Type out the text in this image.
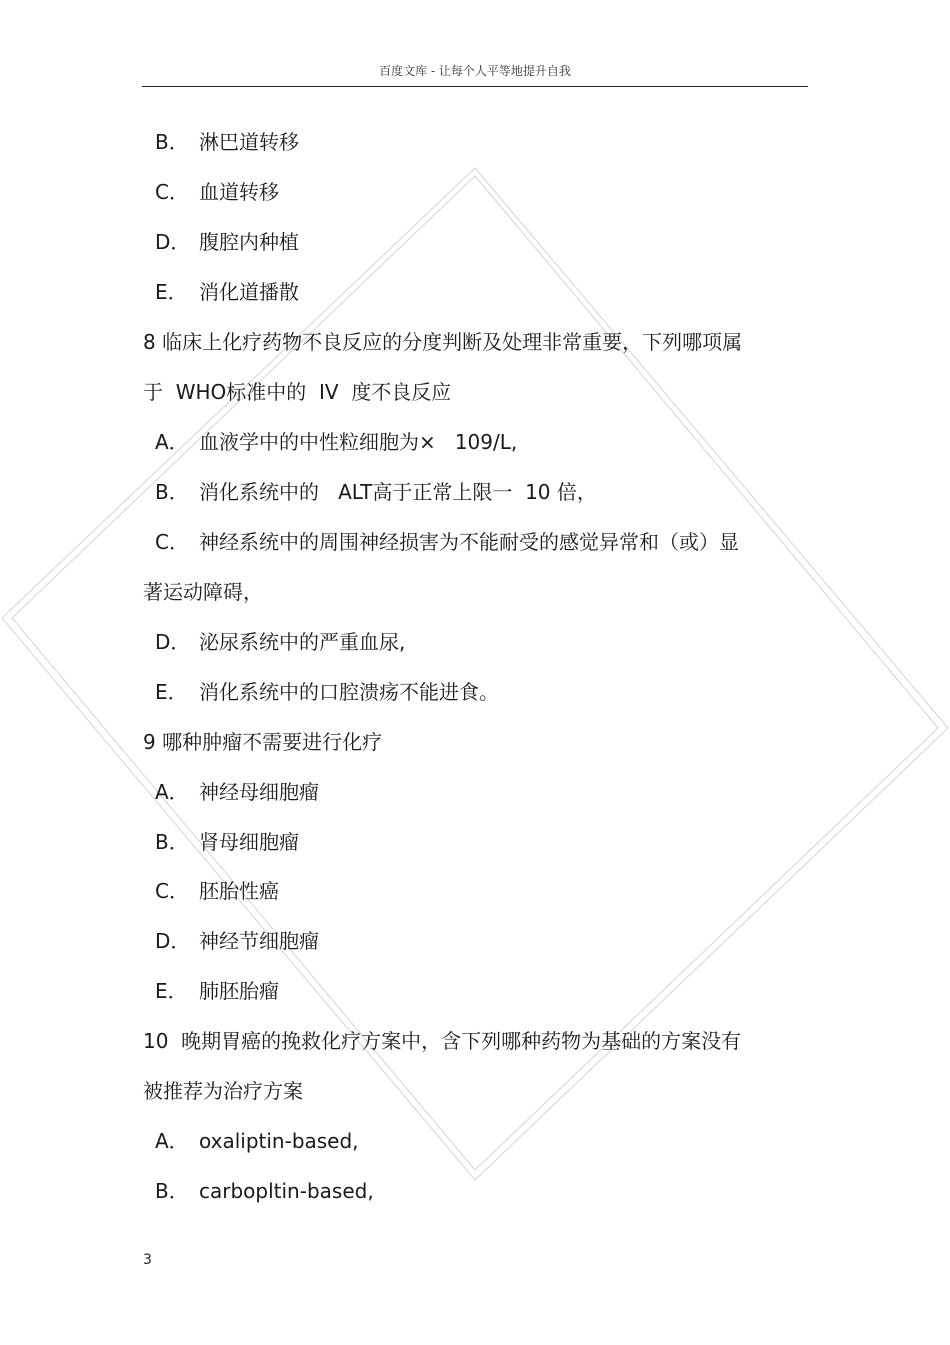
百度文库 - 让每个人平等地提升自我
B． 淋巴道转移
C． 血道转移
D． 腹腔内种植
E． 消化道播散
8 临床上化疗药物不良反应的分度判断及处理非常重要，下列哪项属
于  WHO标准中的  IV  度不良反应
A． 血液学中的中性粒细胞为×   109/L,
B． 消化系统中的   ALT高于正常上限一  10 倍，
C． 神经系统中的周围神经损害为不能耐受的感觉异常和（或）显
著运动障碍，
D． 泌尿系统中的严重血尿,
E． 消化系统中的口腔溃疡不能进食。
9 哪种肿瘤不需要进行化疗
A． 神经母细胞瘤
B． 肾母细胞瘤
C． 胚胎性癌
D． 神经节细胞瘤
E． 肺胚胎瘤
10  晚期胃癌的挽救化疗方案中，含下列哪种药物为基础的方案没有
被推荐为治疗方案
A． oxaliptin-based,
B． carbopltin-based,
3
